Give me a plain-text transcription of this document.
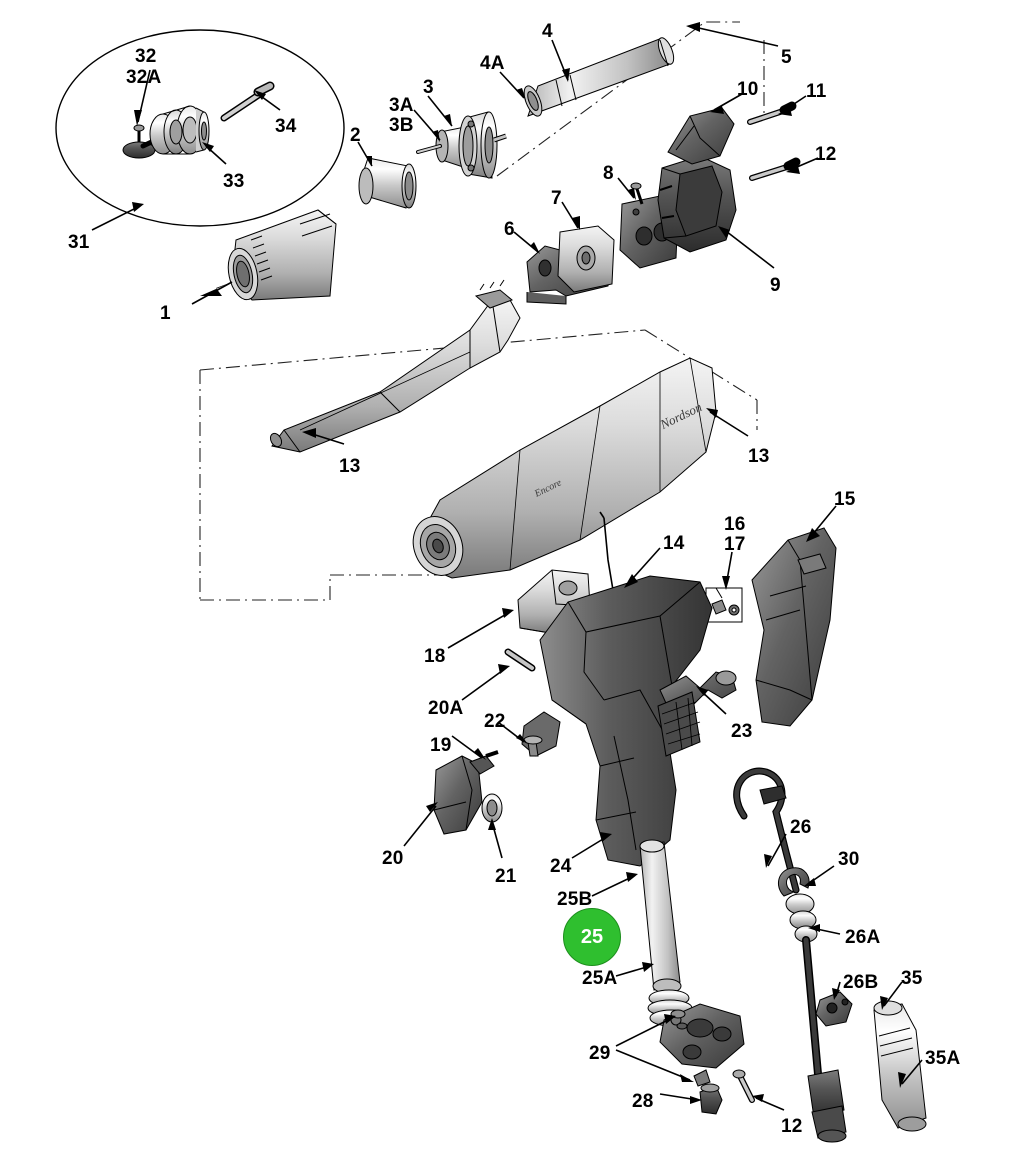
1
2
3
3A
3B
4
4A	5
6
7
8
9
10 11
12
13	13
14
15
16
17
18
19
20
20A
21
22	23
24
25A
25B
26
26A
26B
28
29
30
31
32
32A
33
34
35
35A
12
25
Nordson
Encore
